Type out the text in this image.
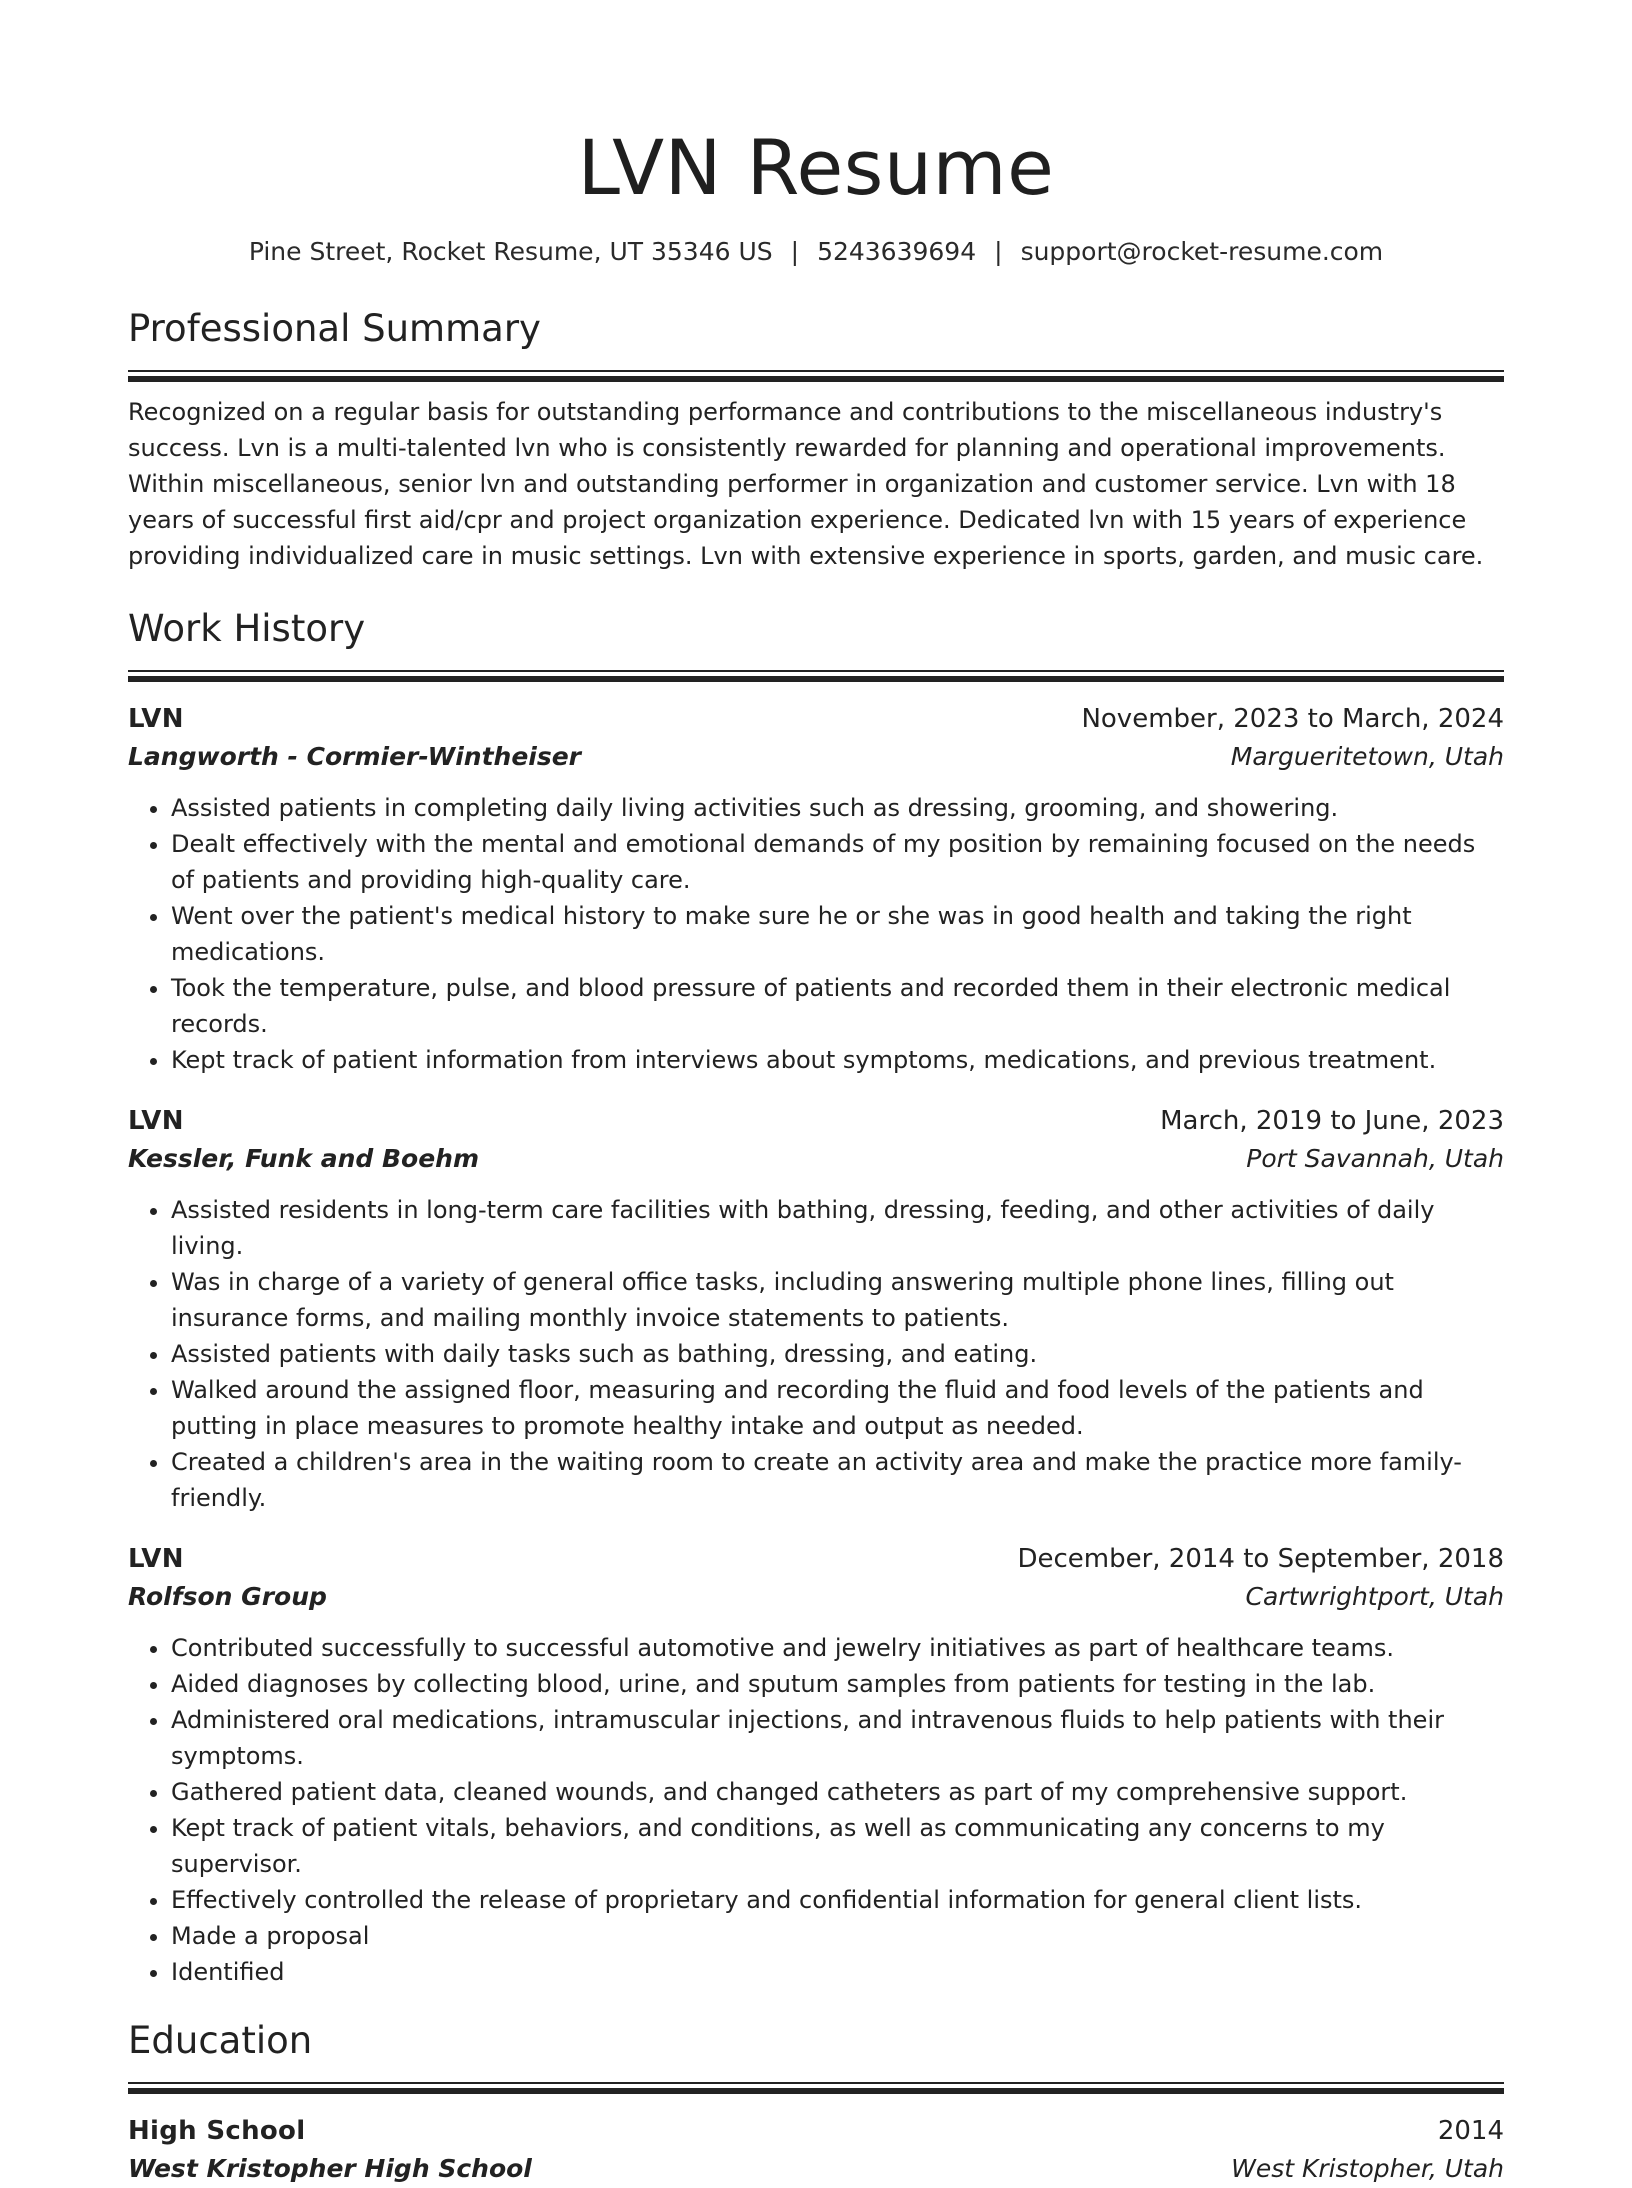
LVN Resume
Pine Street, Rocket Resume, UT 35346 US | 5243639694 | support@rocket-resume.com
Professional Summary

Recognized on a regular basis for outstanding performance and contributions to the miscellaneous industry's success. Lvn is a multi-talented lvn who is consistently rewarded for planning and operational improvements. Within miscellaneous, senior lvn and outstanding performer in organization and customer service. Lvn with 18 years of successful first aid/cpr and project organization experience. Dedicated lvn with 15 years of experience providing individualized care in music settings. Lvn with extensive experience in sports, garden, and music care.

Work History
LVN	November, 2023 to March, 2024
Langworth - Cormier-Wintheiser	Margueritetown, Utah
• Assisted patients in completing daily living activities such as dressing, grooming, and showering.
• Dealt effectively with the mental and emotional demands of my position by remaining focused on the needs of patients and providing high-quality care.
• Went over the patient's medical history to make sure he or she was in good health and taking the right medications.
• Took the temperature, pulse, and blood pressure of patients and recorded them in their electronic medical records.
• Kept track of patient information from interviews about symptoms, medications, and previous treatment.
LVN	March, 2019 to June, 2023
Kessler, Funk and Boehm	Port Savannah, Utah
• Assisted residents in long-term care facilities with bathing, dressing, feeding, and other activities of daily living.
• Was in charge of a variety of general office tasks, including answering multiple phone lines, filling out insurance forms, and mailing monthly invoice statements to patients.
• Assisted patients with daily tasks such as bathing, dressing, and eating.
• Walked around the assigned floor, measuring and recording the fluid and food levels of the patients and putting in place measures to promote healthy intake and output as needed.
• Created a children's area in the waiting room to create an activity area and make the practice more family-friendly.
LVN	December, 2014 to September, 2018
Rolfson Group	Cartwrightport, Utah
• Contributed successfully to successful automotive and jewelry initiatives as part of healthcare teams.
• Aided diagnoses by collecting blood, urine, and sputum samples from patients for testing in the lab.
• Administered oral medications, intramuscular injections, and intravenous fluids to help patients with their symptoms.
• Gathered patient data, cleaned wounds, and changed catheters as part of my comprehensive support.
• Kept track of patient vitals, behaviors, and conditions, as well as communicating any concerns to my supervisor.
• Effectively controlled the release of proprietary and confidential information for general client lists.
• Made a proposal
• Identified
Education
High School	2014
West Kristopher High School	West Kristopher, Utah
